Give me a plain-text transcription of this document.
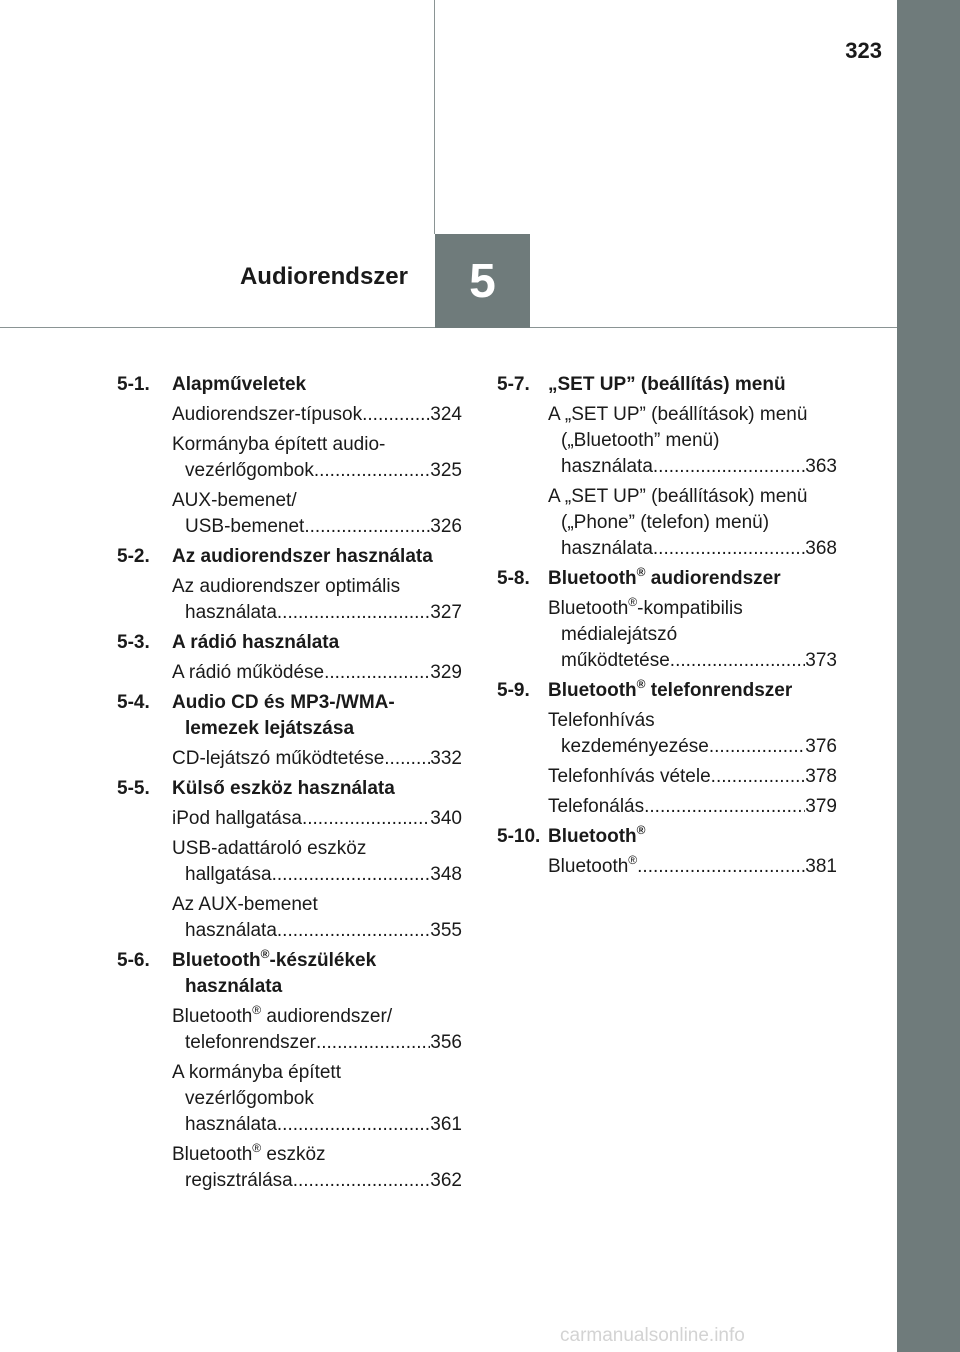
323
5
Audiorendszer
5-1.	Alapműveletek
Audiorendszer-típusok .....	324
Kormányba épített audio-
vezérlőgombok .....	325
AUX-bemenet/
USB-bemenet .....	326
5-2.	Az audiorendszer használata
Az audiorendszer optimális
használata .....	327
5-3.	A rádió használata
A rádió működése .....	329
5-4.	Audio CD és MP3-/WMA-
lemezek lejátszása
CD-lejátszó működtetése ..... 332
5-5.	Külső eszköz használata
iPod hallgatása .....	340
USB-adattároló eszköz
hallgatása .....	348
Az AUX-bemenet
használata .....	355
5-6.	Bluetooth®-készülékek
használata
Bluetooth® audiorendszer/
telefonrendszer .....	356
A kormányba épített
vezérlőgombok
használata .....	361
Bluetooth® eszköz
regisztrálása .....	362
5-7. „SET UP” (beállítás) menü
A „SET UP” (beállítások) menü
(„Bluetooth” menü)
használata .....	363
A „SET UP” (beállítások) menü
(„Phone” (telefon) menü)
használata .....	368
5-8. Bluetooth® audiorendszer
Bluetooth®-kompatibilis
médialejátszó
működtetése .....	373
5-9. Bluetooth® telefonrendszer
Telefonhívás
kezdeményezése .....	376
Telefonhívás vétele .....	378
Telefonálás .....	379
5-10. Bluetooth®
Bluetooth® .....	381
carmanualsonline.info
